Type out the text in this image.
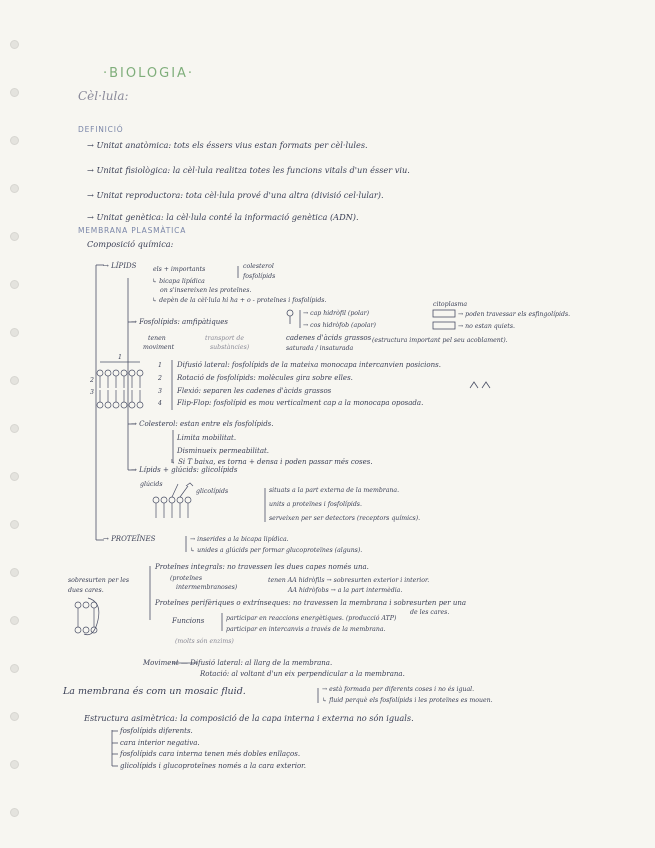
·BIOLOGIA·
Cèl·lula:
DEFINICIÓ
→ Unitat anatòmica: tots els éssers vius estan formats per cèl·lules.
→ Unitat fisiològica: la cèl·lula realitza totes les funcions vitals d'un ésser viu.
→ Unitat reproductora: tota cèl·lula prové d'una altra (divisió cel·lular).
→ Unitat genètica: la cèl·lula conté la informació genètica (ADN).
MEMBRANA PLASMÀTICA
Composició química:
→ LÍPIDS	els + importants	colesterol
fosfolípids
↳ bicapa lipídica
on s'insereixen les proteïnes.
↳ depèn de la cèl·lula hi ha + o - proteïnes i fosfolípids.
citoplasma
→ poden travessar els esfingolípids.
→ no estan quiets.
→ Fosfolípids: amfipàtiques
→ cap hidròfil (polar)
→ cos hidròfob (apolar)
cadenes d'àcids grassos
saturada / insaturada
(estructura important pel seu acoblament).
tenen
moviment
transport de
substàncies)
1
2
3
4
Difusió lateral: fosfolípids de la mateixa monocapa intercanvien posicions.
Rotació de fosfolípids: molècules gira sobre elles.
Flexió: separen les cadenes d'àcids grassos
Flip-Flop: fosfolípid es mou verticalment cap a la monocapa oposada.
2
3
1
→ Colesterol: estan entre els fosfolípids.
Limita mobilitat.
Disminueix permeabilitat.
↳ Si T baixa, es torna + densa i poden passar més coses.
→ Lípids + glúcids: glicolípids
glúcids
glicolípids	situats a la part externa de la membrana.
units a proteïnes i fosfolípids.
serveixen per ser detectors (receptors químics).
→ PROTEÏNES	→ inserides a la bicapa lipídica.
↳ unides a glúcids per formar glucoproteïnes (alguns).
Proteïnes integrals: no travessen les dues capes només una.
(proteïnes
intermembranoses)
tenen AA hidròfils → sobresurten exterior i interior.
AA hidròfobs → a la part intermèdia.
sobresurten per les
dues cares.
Proteïnes perifèriques o extrínseques: no travessen la membrana i sobresurten per una
de les cares.
Funcions	participar en reaccions energètiques. (producció ATP)
participar en intercanvis a través de la membrana.
(molts són enzims)
Moviment — Difusió lateral: al llarg de la membrana.
Rotació: al voltant d'un eix perpendicular a la membrana.
La membrana és com un mosaic fluid.	→ està formada per diferents coses i no és igual.
↳ fluid perquè els fosfolípids i les proteïnes es mouen.
Estructura asimètrica: la composició de la capa interna i externa no són iguals.
fosfolípids diferents.
cara interior negativa.
fosfolípids cara interna tenen més dobles enllaços.
glicolípids i glucoproteïnes només a la cara exterior.
